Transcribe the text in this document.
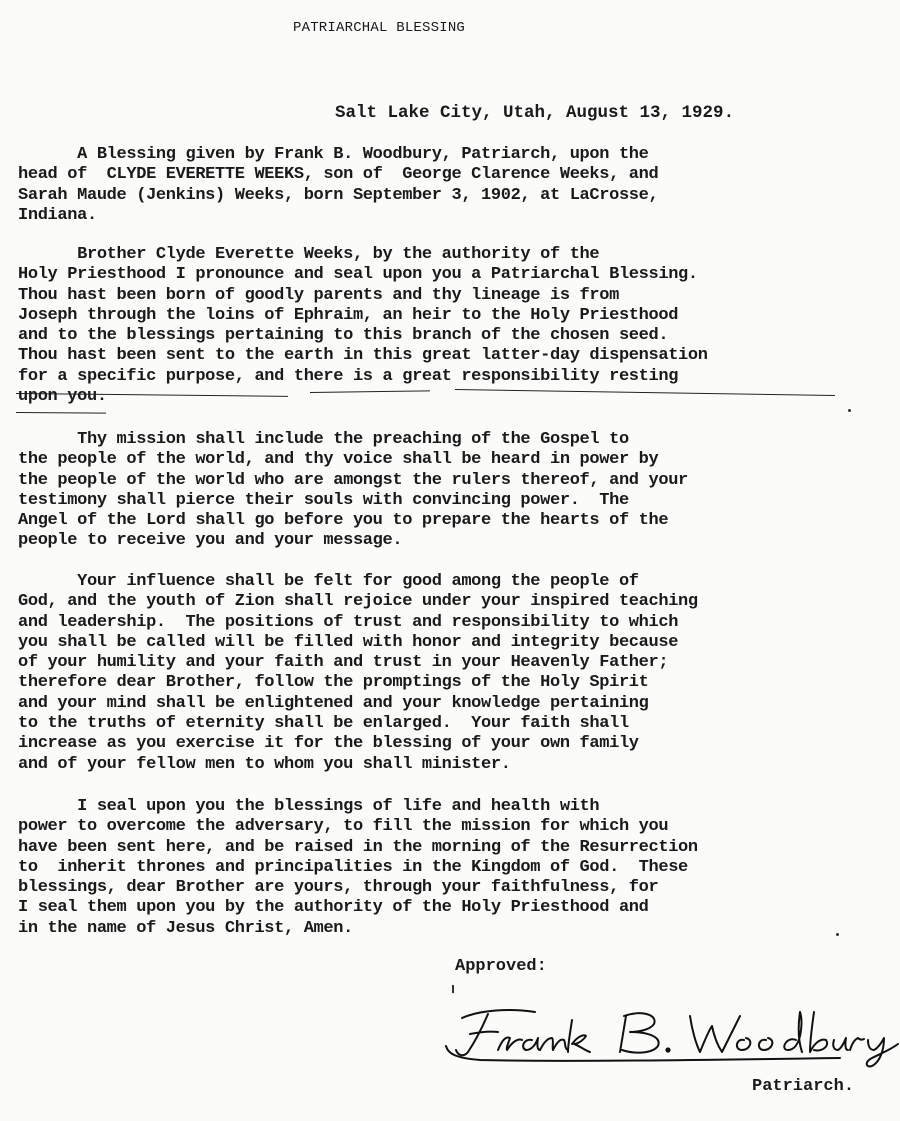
PATRIARCHAL BLESSING
Salt Lake City, Utah, August 13, 1929.

A Blessing given by Frank B. Woodbury, Patriarch, upon the
head of  CLYDE EVERETTE WEEKS, son of  George Clarence Weeks, and
Sarah Maude (Jenkins) Weeks, born September 3, 1902, at LaCrosse,
Indiana.

Brother Clyde Everette Weeks, by the authority of the
Holy Priesthood I pronounce and seal upon you a Patriarchal Blessing.
Thou hast been born of goodly parents and thy lineage is from
Joseph through the loins of Ephraim, an heir to the Holy Priesthood
and to the blessings pertaining to this branch of the chosen seed.
Thou hast been sent to the earth in this great latter-day dispensation
for a specific purpose, and there is a great responsibility resting
upon you.

Thy mission shall include the preaching of the Gospel to
the people of the world, and thy voice shall be heard in power by
the people of the world who are amongst the rulers thereof, and your
testimony shall pierce their souls with convincing power.  The
Angel of the Lord shall go before you to prepare the hearts of the
people to receive you and your message.

Your influence shall be felt for good among the people of
God, and the youth of Zion shall rejoice under your inspired teaching
and leadership.  The positions of trust and responsibility to which
you shall be called will be filled with honor and integrity because
of your humility and your faith and trust in your Heavenly Father;
therefore dear Brother, follow the promptings of the Holy Spirit
and your mind shall be enlightened and your knowledge pertaining
to the truths of eternity shall be enlarged.  Your faith shall
increase as you exercise it for the blessing of your own family
and of your fellow men to whom you shall minister.

I seal upon you the blessings of life and health with
power to overcome the adversary, to fill the mission for which you
have been sent here, and be raised in the morning of the Resurrection
to  inherit thrones and principalities in the Kingdom of God.  These
blessings, dear Brother are yours, through your faithfulness, for
I seal them upon you by the authority of the Holy Priesthood and
in the name of Jesus Christ, Amen.

Approved:
Patriarch.
